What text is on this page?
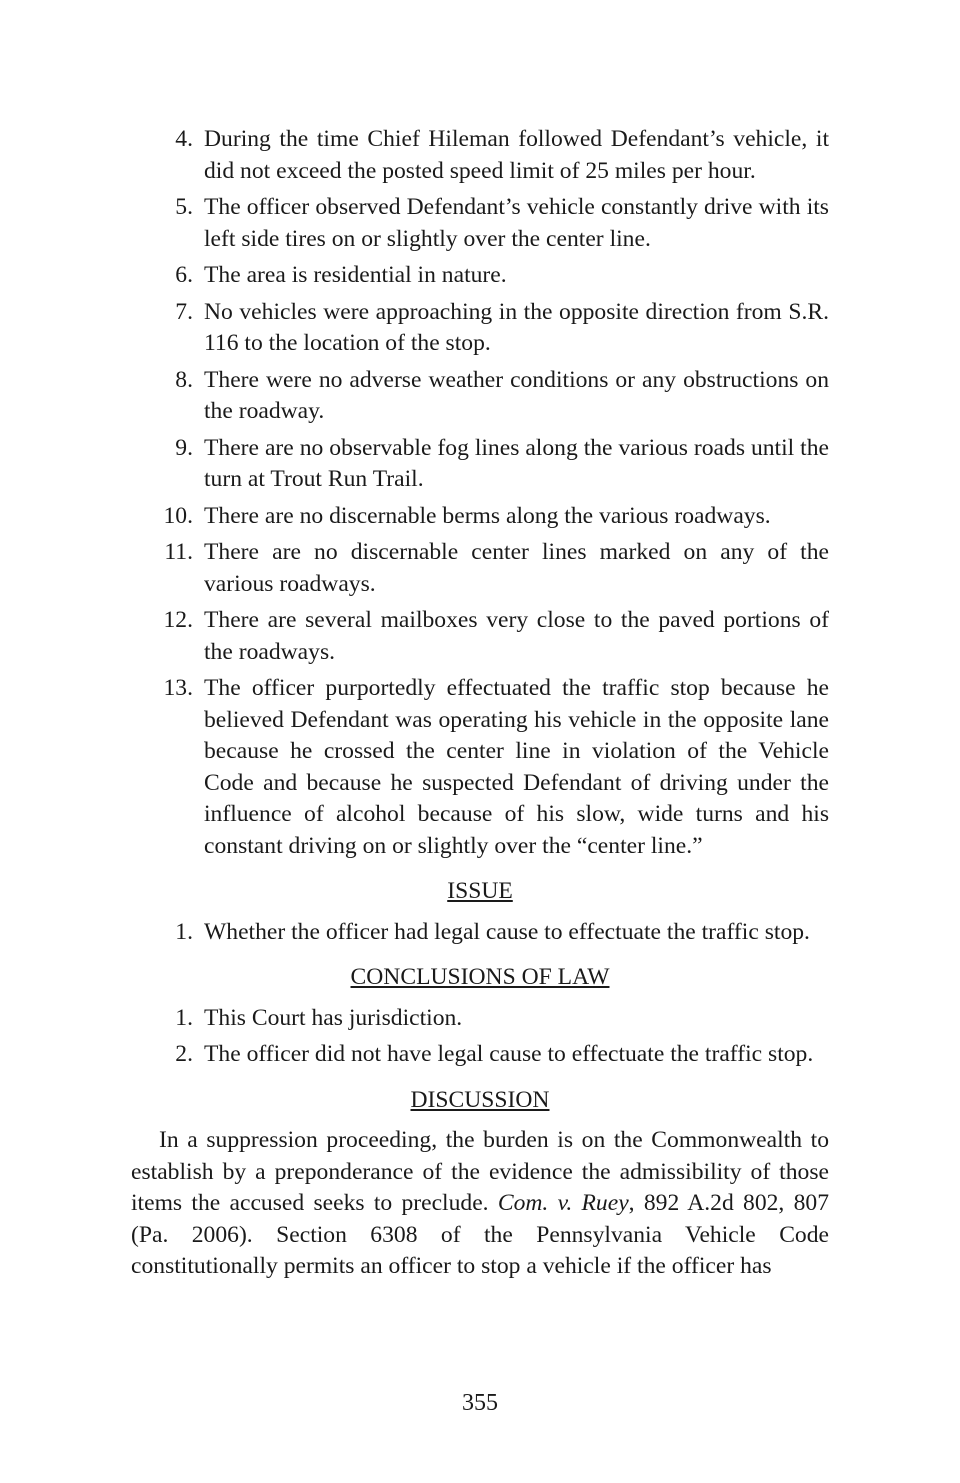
4. During the time Chief Hileman followed Defendant’s vehicle, it did not exceed the posted speed limit of 25 miles per hour.
5. The officer observed Defendant’s vehicle constantly drive with its left side tires on or slightly over the center line.
6. The area is residential in nature.
7. No vehicles were approaching in the opposite direction from S.R. 116 to the location of the stop.
8. There were no adverse weather conditions or any obstructions on the roadway.
9. There are no observable fog lines along the various roads until the turn at Trout Run Trail.
10. There are no discernable berms along the various roadways.
11. There are no discernable center lines marked on any of the various roadways.
12. There are several mailboxes very close to the paved portions of the roadways.
13. The officer purportedly effectuated the traffic stop because he believed Defendant was operating his vehicle in the opposite lane because he crossed the center line in violation of the Vehicle Code and because he suspected Defendant of driving under the influence of alcohol because of his slow, wide turns and his constant driving on or slightly over the “center line.”
ISSUE
1. Whether the officer had legal cause to effectuate the traffic stop.
CONCLUSIONS OF LAW
1. This Court has jurisdiction.
2. The officer did not have legal cause to effectuate the traffic stop.
DISCUSSION

In a suppression proceeding, the burden is on the Commonwealth to establish by a preponderance of the evidence the admissibility of those items the accused seeks to preclude. Com. v. Ruey, 892 A.2d 802, 807 (Pa. 2006). Section 6308 of the Pennsylvania Vehicle Code constitutionally permits an officer to stop a vehicle if the officer has

355
